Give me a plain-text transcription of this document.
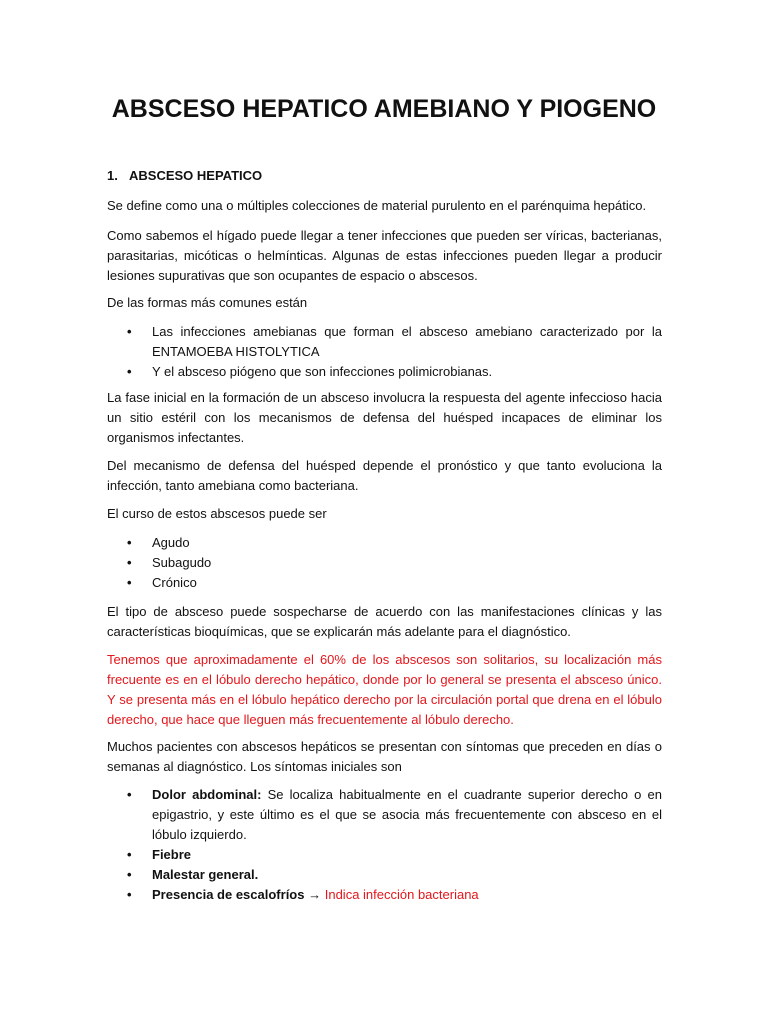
ABSCESO HEPATICO AMEBIANO Y PIOGENO
1. ABSCESO HEPATICO

Se define como una o múltiples colecciones de material purulento en el parénquima hepático.

Como sabemos el hígado puede llegar a tener infecciones que pueden ser víricas, bacterianas, parasitarias, micóticas o helmínticas. Algunas de estas infecciones pueden llegar a producir lesiones supurativas que son ocupantes de espacio o abscesos.

De las formas más comunes están

• Las infecciones amebianas que forman el absceso amebiano caracterizado por la ENTAMOEBA HISTOLYTICA
• Y el absceso piógeno que son infecciones polimicrobianas.

La fase inicial en la formación de un absceso involucra la respuesta del agente infeccioso hacia un sitio estéril con los mecanismos de defensa del huésped incapaces de eliminar los organismos infectantes.

Del mecanismo de defensa del huésped depende el pronóstico y que tanto evoluciona la infección, tanto amebiana como bacteriana.

El curso de estos abscesos puede ser

• Agudo
• Subagudo
• Crónico

El tipo de absceso puede sospecharse de acuerdo con las manifestaciones clínicas y las características bioquímicas, que se explicarán más adelante para el diagnóstico.

Tenemos que aproximadamente el 60% de los abscesos son solitarios, su localización más frecuente es en el lóbulo derecho hepático, donde por lo general se presenta el absceso único. Y se presenta más en el lóbulo hepático derecho por la circulación portal que drena en el lóbulo derecho, que hace que lleguen más frecuentemente al lóbulo derecho.

Muchos pacientes con abscesos hepáticos se presentan con síntomas que preceden en días o semanas al diagnóstico. Los síntomas iniciales son

• Dolor abdominal: Se localiza habitualmente en el cuadrante superior derecho o en epigastrio, y este último es el que se asocia más frecuentemente con absceso en el lóbulo izquierdo.
• Fiebre
• Malestar general.
• Presencia de escalofríos → Indica infección bacteriana
